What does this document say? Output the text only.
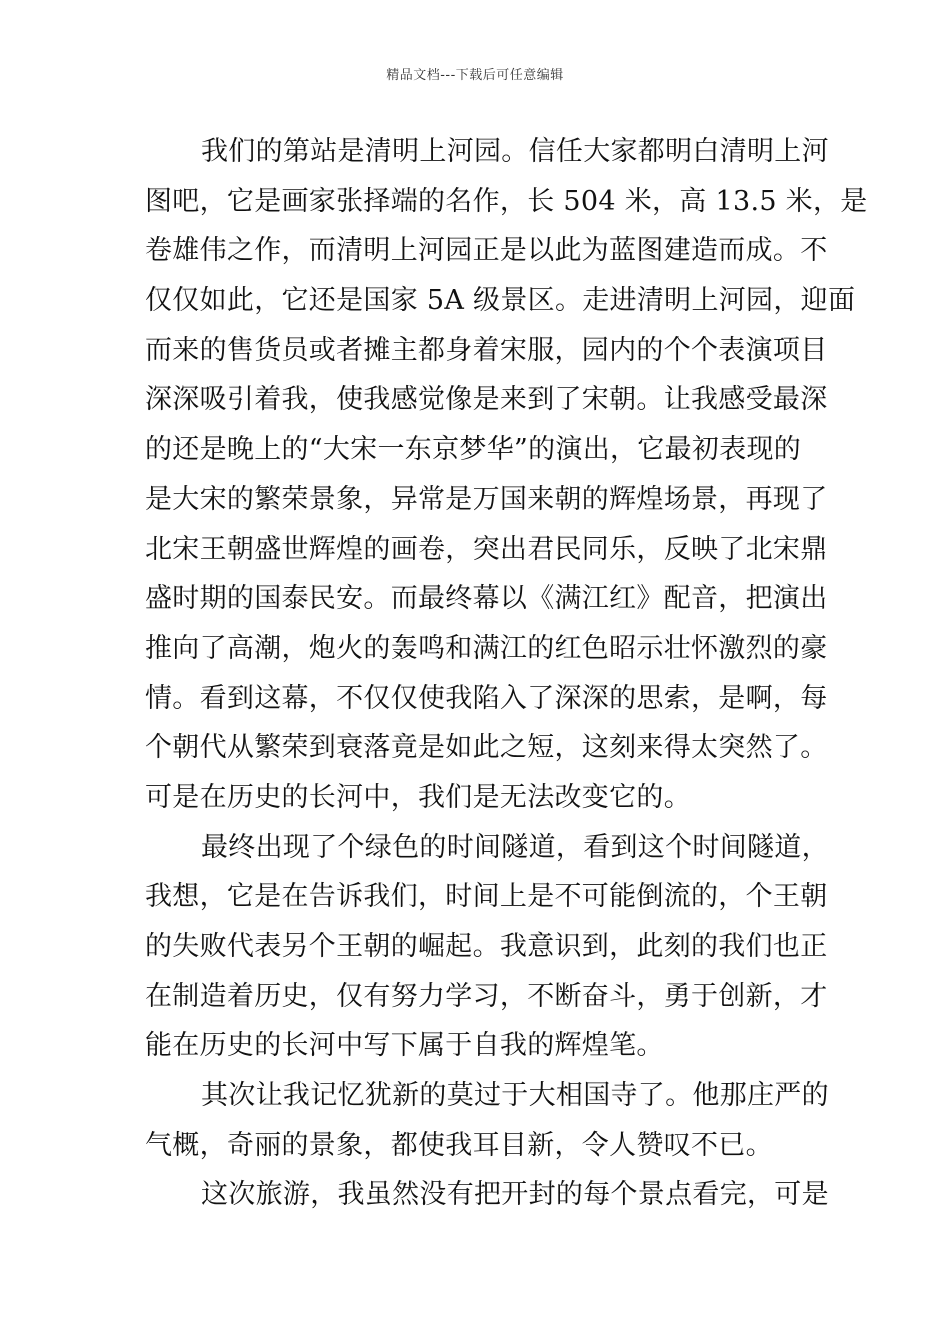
精品文档---下载后可任意编辑
我们的第站是清明上河园。信任大家都明白清明上河
图吧，它是画家张择端的名作，长 504 米，高 13.5 米，是
卷雄伟之作，而清明上河园正是以此为蓝图建造而成。不
仅仅如此，它还是国家 5A 级景区。走进清明上河园，迎面
而来的售货员或者摊主都身着宋服，园内的个个表演项目
深深吸引着我，使我感觉像是来到了宋朝。让我感受最深
的还是晚上的“大宋一东京梦华”的演出，它最初表现的
是大宋的繁荣景象，异常是万国来朝的辉煌场景，再现了
北宋王朝盛世辉煌的画卷，突出君民同乐，反映了北宋鼎
盛时期的国泰民安。而最终幕以《满江红》配音，把演出
推向了高潮，炮火的轰鸣和满江的红色昭示壮怀激烈的豪
情。看到这幕，不仅仅使我陷入了深深的思索，是啊，每
个朝代从繁荣到衰落竟是如此之短，这刻来得太突然了。
可是在历史的长河中，我们是无法改变它的。
最终出现了个绿色的时间隧道，看到这个时间隧道，
我想，它是在告诉我们，时间上是不可能倒流的，个王朝
的失败代表另个王朝的崛起。我意识到，此刻的我们也正
在制造着历史，仅有努力学习，不断奋斗，勇于创新，才
能在历史的长河中写下属于自我的辉煌笔。
其次让我记忆犹新的莫过于大相国寺了。他那庄严的
气概，奇丽的景象，都使我耳目新，令人赞叹不已。
这次旅游，我虽然没有把开封的每个景点看完，可是
